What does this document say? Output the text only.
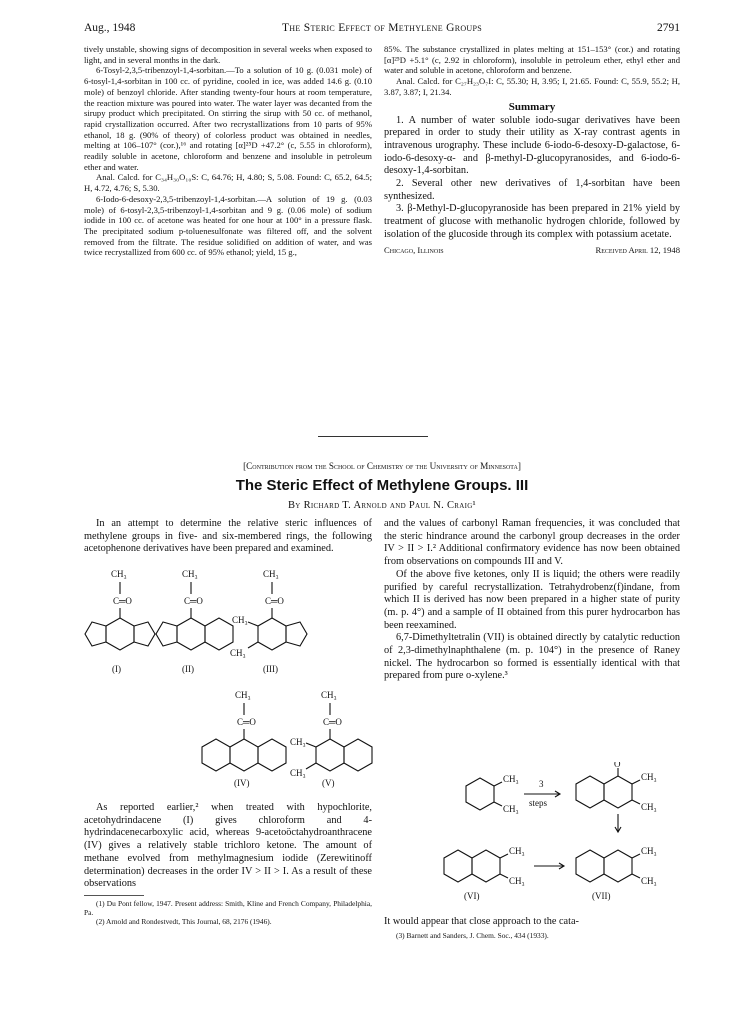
Aug., 1948	The Steric Effect of Methylene Groups	2791

tively unstable, showing signs of decomposition in several weeks when exposed to light, and in several months in the dark.

6-Tosyl-2,3,5-tribenzoyl-1,4-sorbitan.—To a solution of 10 g. (0.031 mole) of 6-tosyl-1,4-sorbitan in 100 cc. of pyridine, cooled in ice, was added 14.6 g. (0.10 mole) of benzoyl chloride. After standing twenty-four hours at room temperature, the reaction mixture was poured into water. The water layer was decanted from the sirupy product which precipitated. On stirring the sirup with 50 cc. of methanol, rapid crystallization occurred. After two recrystallizations from 10 parts of 95% ethanol, 18 g. (90% of theory) of colorless product was obtained in needles, melting at 106–107° (cor.),¹⁶ and rotating [α]²⁵D +47.2° (c, 5.55 in chloroform), readily soluble in acetone, chloroform and benzene and insoluble in petroleum ether and water.

Anal. Calcd. for C₃₄H₃₀O₁₀S: C, 64.76; H, 4.80; S, 5.08. Found: C, 65.2, 64.5; H, 4.72, 4.76; S, 5.30.

6-Iodo-6-desoxy-2,3,5-tribenzoyl-1,4-sorbitan.—A solution of 19 g. (0.03 mole) of 6-tosyl-2,3,5-tribenzoyl-1,4-sorbitan and 9 g. (0.06 mole) of sodium iodide in 100 cc. of acetone was heated for one hour at 100° in a pressure flask. The precipitated sodium p-toluenesulfonate was filtered off, and the solvent removed from the filtrate. The residue solidified on addition of water, and was twice recrystallized from 600 cc. of 95% ethanol; yield, 15 g.,

85%. The substance crystallized in plates melting at 151–153° (cor.) and rotating [α]²⁵D +5.1° (c, 2.92 in chloroform), insoluble in petroleum ether, ethyl ether and water and soluble in acetone, chloroform and benzene.

Anal. Calcd. for C₂₇H₂₃O₇I: C, 55.30; H, 3.95; I, 21.65. Found: C, 55.9, 55.2; H, 3.87, 3.87; I, 21.34.

Summary

1. A number of water soluble iodo-sugar derivatives have been prepared in order to study their utility as X-ray contrast agents in intravenous urography. These include 6-iodo-6-desoxy-D-galactose, 6-iodo-6-desoxy-α- and β-methyl-D-glucopyranosides, and 6-iodo-6-desoxy-1,4-sorbitan.

2. Several other new derivatives of 1,4-sorbitan have been synthesized.

3. β-Methyl-D-glucopyranoside has been prepared in 21% yield by treatment of glucose with methanolic hydrogen chloride, followed by isolation of the glucoside through its complex with potassium acetate.

Chicago, Illinois	Received April 12, 1948
[Contribution from the School of Chemistry of the University of Minnesota]
The Steric Effect of Methylene Groups. III
By Richard T. Arnold and Paul N. Craig¹

In an attempt to determine the relative steric influences of methylene groups in five- and six-membered rings, the following acetophenone derivatives have been prepared and examined.

CH₃
C═O
CH₃
C═O
CH₃
C═O
CH₃
CH₃
CH₃
C═O
CH₃
C═O
CH₃
CH₃
(I)	(II)	(III)
(IV)	(V)

As reported earlier,² when treated with hypochlorite, acetohydrindacene (I) gives chloroform and 4-hydrindacenecarboxylic acid, whereas 9-acetoöctahydroanthracene (IV) gives a relatively stable trichloro ketone. The amount of methane evolved from methylmagnesium iodide (Zerewitinoff determination) decreases in the order IV > II > I. As a result of these observations

(1) Du Pont fellow, 1947. Present address: Smith, Kline and French Company, Philadelphia, Pa.

(2) Arnold and Rondestvedt, This Journal, 68, 2176 (1946).

and the values of carbonyl Raman frequencies, it was concluded that the steric hindrance around the carbonyl group decreases in the order IV > II > I.² Additional confirmatory evidence has now been obtained from observations on compounds III and V.

Of the above five ketones, only II is liquid; the others were readily purified by careful recrystallization. Tetrahydrobenz(f)indane, from which II is derived has now been prepared in a higher state of purity (m. p. 4°) and a sample of II obtained from this purer hydrocarbon has been reexamined.

6,7-Dimethyltetralin (VII) is obtained directly by catalytic reduction of 2,3-dimethylnaphthalene (m. p. 104°) in the presence of Raney nickel. The hydrocarbon so formed is essentially identical with that prepared from pure o-xylene.³

CH₃
CH₃
3
steps
O
CH₃
CH₃
CH₃
CH₃
CH₃
CH₃
(VI)	(VII)

It would appear that close approach to the cata-

(3) Barnett and Sanders, J. Chem. Soc., 434 (1933).
